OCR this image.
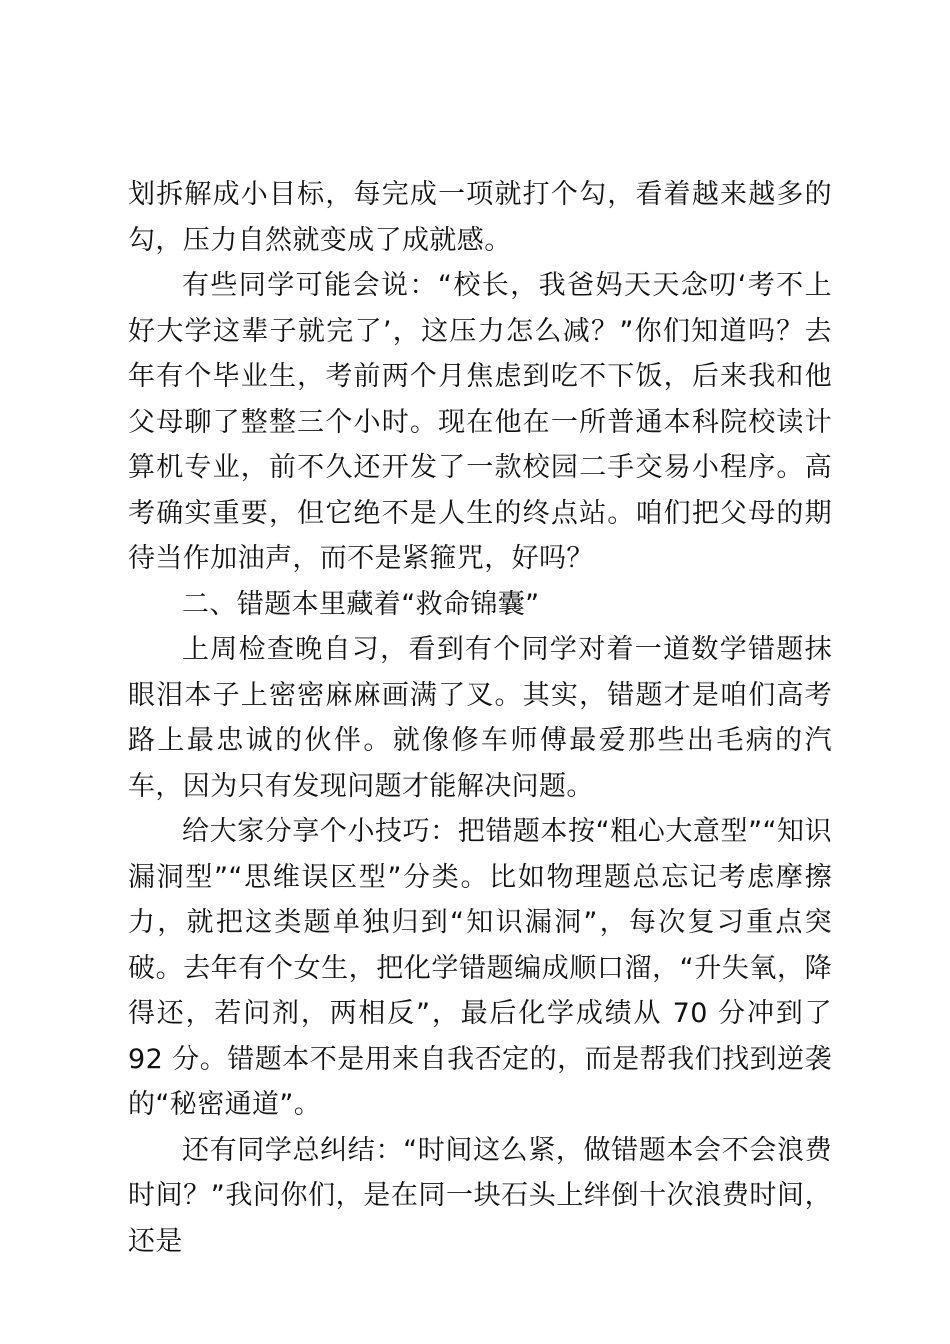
划拆解成小目标，每完成一项就打个勾，看着越来越多的勾，压力自然就变成了成就感。

有些同学可能会说：“校长，我爸妈天天念叨‘考不上好大学这辈子就完了’，这压力怎么减？”你们知道吗？去年有个毕业生，考前两个月焦虑到吃不下饭，后来我和他父母聊了整整三个小时。现在他在一所普通本科院校读计算机专业，前不久还开发了一款校园二手交易小程序。高考确实重要，但它绝不是人生的终点站。咱们把父母的期待当作加油声，而不是紧箍咒，好吗？

二、错题本里藏着“救命锦囊”

上周检查晚自习，看到有个同学对着一道数学错题抹眼泪本子上密密麻麻画满了叉。其实，错题才是咱们高考路上最忠诚的伙伴。就像修车师傅最爱那些出毛病的汽车，因为只有发现问题才能解决问题。

给大家分享个小技巧：把错题本按“粗心大意型”“知识漏洞型”“思维误区型”分类。比如物理题总忘记考虑摩擦力，就把这类题单独归到“知识漏洞”，每次复习重点突破。去年有个女生，把化学错题编成顺口溜，“升失氧，降得还，若问剂，两相反”，最后化学成绩从 70 分冲到了 92 分。错题本不是用来自我否定的，而是帮我们找到逆袭的“秘密通道”。

还有同学总纠结：“时间这么紧，做错题本会不会浪费时间？”我问你们，是在同一块石头上绊倒十次浪费时间，还是
